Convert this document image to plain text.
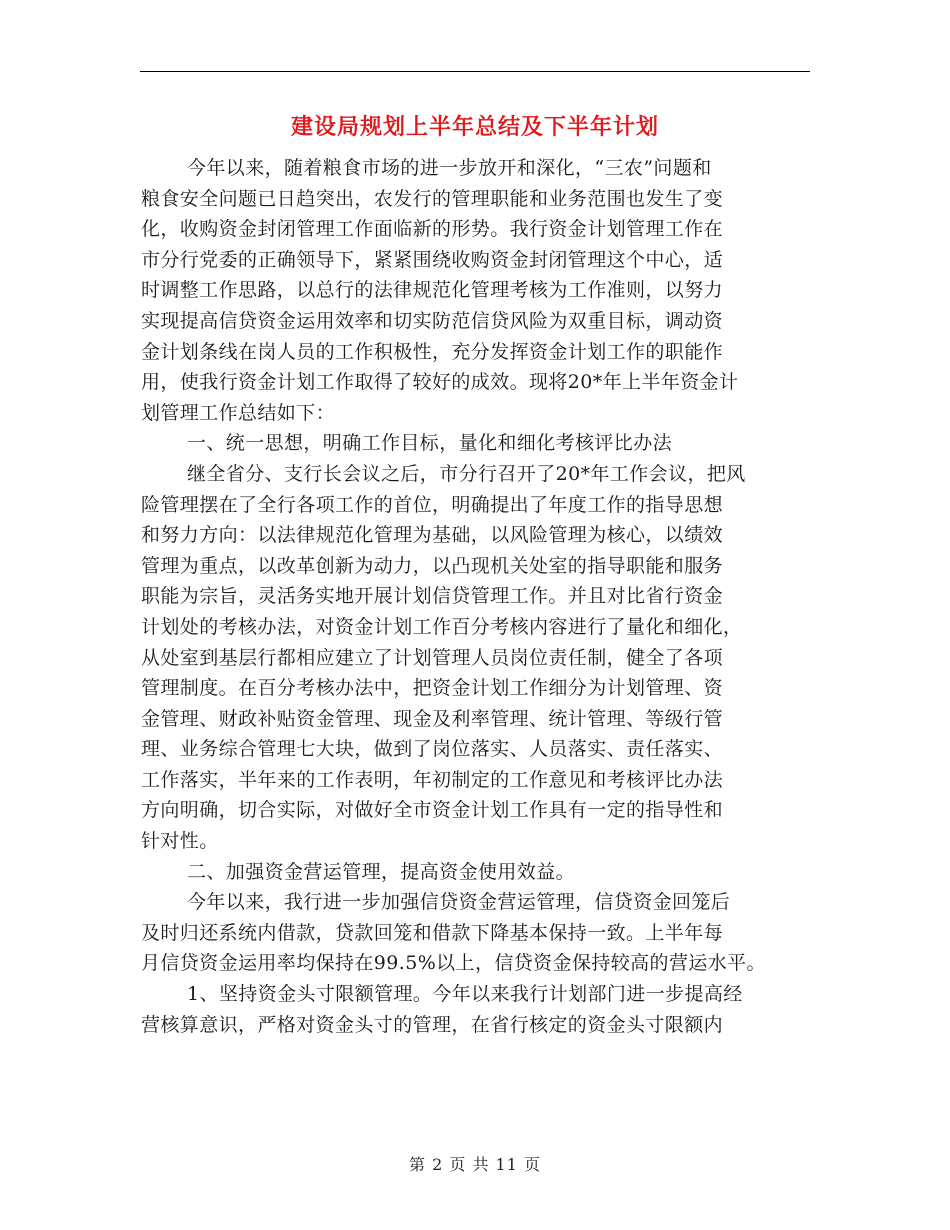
建设局规划上半年总结及下半年计划
今年以来，随着粮食市场的进一步放开和深化，“三农”问题和
粮食安全问题已日趋突出，农发行的管理职能和业务范围也发生了变
化，收购资金封闭管理工作面临新的形势。我行资金计划管理工作在
市分行党委的正确领导下，紧紧围绕收购资金封闭管理这个中心，适
时调整工作思路，以总行的法律规范化管理考核为工作准则，以努力
实现提高信贷资金运用效率和切实防范信贷风险为双重目标，调动资
金计划条线在岗人员的工作积极性，充分发挥资金计划工作的职能作
用，使我行资金计划工作取得了较好的成效。现将20*年上半年资金计
划管理工作总结如下：
一、统一思想，明确工作目标，量化和细化考核评比办法
继全省分、支行长会议之后，市分行召开了20*年工作会议，把风
险管理摆在了全行各项工作的首位，明确提出了年度工作的指导思想
和努力方向：以法律规范化管理为基础，以风险管理为核心，以绩效
管理为重点，以改革创新为动力，以凸现机关处室的指导职能和服务
职能为宗旨，灵活务实地开展计划信贷管理工作。并且对比省行资金
计划处的考核办法，对资金计划工作百分考核内容进行了量化和细化，
从处室到基层行都相应建立了计划管理人员岗位责任制，健全了各项
管理制度。在百分考核办法中，把资金计划工作细分为计划管理、资
金管理、财政补贴资金管理、现金及利率管理、统计管理、等级行管
理、业务综合管理七大块，做到了岗位落实、人员落实、责任落实、
工作落实，半年来的工作表明，年初制定的工作意见和考核评比办法
方向明确，切合实际，对做好全市资金计划工作具有一定的指导性和
针对性。
二、加强资金营运管理，提高资金使用效益。
今年以来，我行进一步加强信贷资金营运管理，信贷资金回笼后
及时归还系统内借款，贷款回笼和借款下降基本保持一致。上半年每
月信贷资金运用率均保持在99.5%以上，信贷资金保持较高的营运水平。
1、坚持资金头寸限额管理。今年以来我行计划部门进一步提高经
营核算意识，严格对资金头寸的管理，在省行核定的资金头寸限额内
第 2 页 共 11 页
